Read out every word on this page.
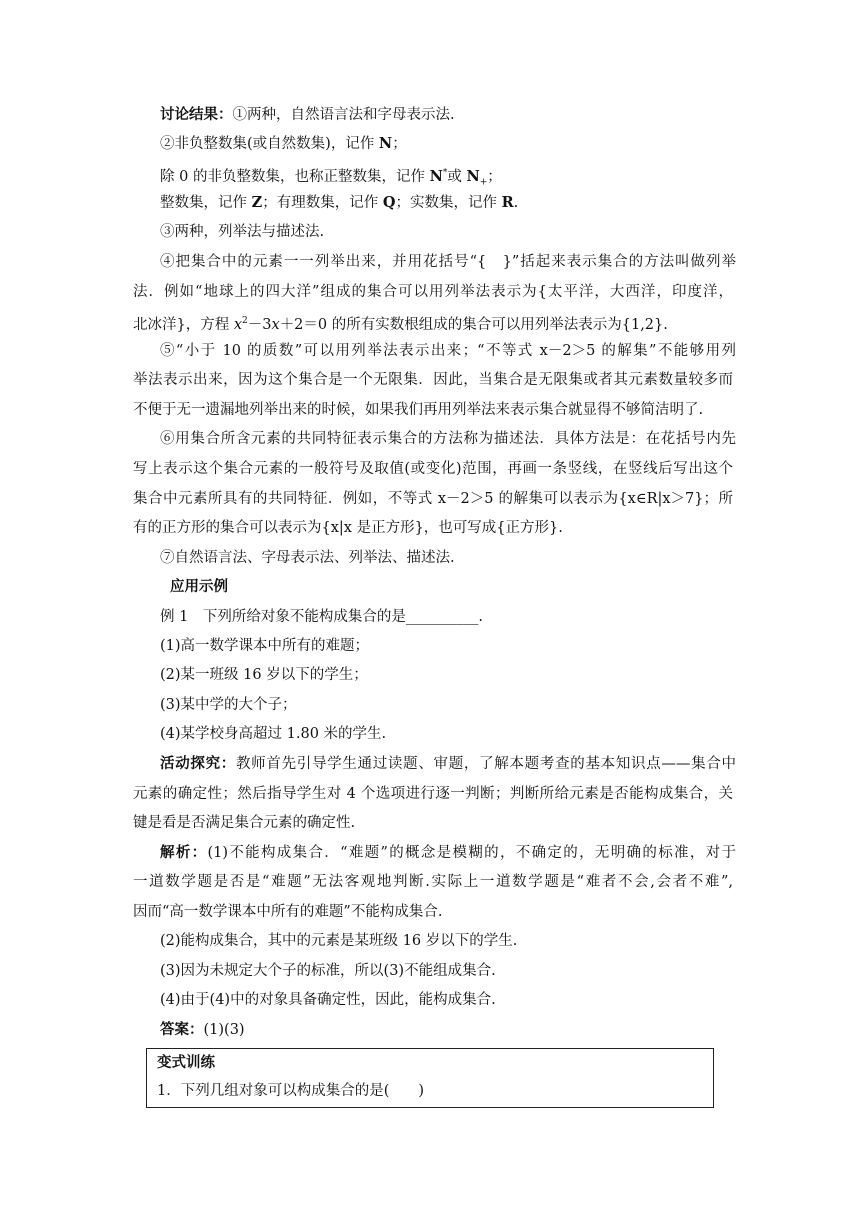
讨论结果：①两种，自然语言法和字母表示法.
②非负整数集(或自然数集)，记作 N；
除 0 的非负整数集，也称正整数集，记作 N*或 $N_+$；
整数集，记作 Z；有理数集，记作 Q；实数集，记作 R.
③两种，列举法与描述法.
④把集合中的元素一一列举出来，并用花括号“{　}”括起来表示集合的方法叫做列举
法．例如“地球上的四大洋”组成的集合可以用列举法表示为{太平洋，大西洋，印度洋，
北冰洋}，方程 $x^2-3x+2=0$ 的所有实数根组成的集合可以用列举法表示为{1,2}.
⑤“小于 10 的质数”可以用列举法表示出来；“不等式 x－2＞5 的解集”不能够用列
举法表示出来，因为这个集合是一个无限集．因此，当集合是无限集或者其元素数量较多而
不便于无一遗漏地列举出来的时候，如果我们再用列举法来表示集合就显得不够简洁明了.
⑥用集合所含元素的共同特征表示集合的方法称为描述法．具体方法是：在花括号内先
写上表示这个集合元素的一般符号及取值(或变化)范围，再画一条竖线，在竖线后写出这个
集合中元素所具有的共同特征．例如，不等式 x－2＞5 的解集可以表示为{x∈R|x＞7}；所
有的正方形的集合可以表示为{x|x 是正方形}，也可写成{正方形}.
⑦自然语言法、字母表示法、列举法、描述法.
应用示例
例 1　下列所给对象不能构成集合的是__________.
(1)高一数学课本中所有的难题；
(2)某一班级 16 岁以下的学生；
(3)某中学的大个子；
(4)某学校身高超过 1.80 米的学生.
活动探究：教师首先引导学生通过读题、审题，了解本题考查的基本知识点——集合中
元素的确定性；然后指导学生对 4 个选项进行逐一判断；判断所给元素是否能构成集合，关
键是看是否满足集合元素的确定性.
解析：(1)不能构成集合．“难题”的概念是模糊的，不确定的，无明确的标准，对于
一道数学题是否是“难题”无法客观地判断.实际上一道数学题是“难者不会,会者不难”,
因而“高一数学课本中所有的难题”不能构成集合.
(2)能构成集合，其中的元素是某班级 16 岁以下的学生.
(3)因为未规定大个子的标准，所以(3)不能组成集合.
(4)由于(4)中的对象具备确定性，因此，能构成集合.
答案：(1)(3)
变式训练
1．下列几组对象可以构成集合的是(　　)
